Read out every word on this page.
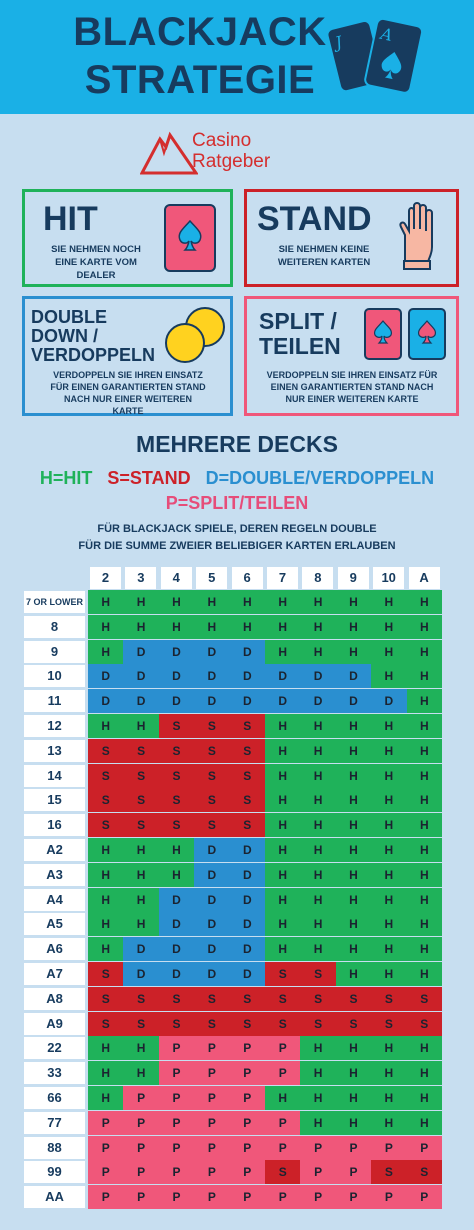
BLACKJACK
STRATEGIE
J A
Casino
Ratgeber
HIT
SIE NEHMEN NOCH
EINE KARTE VOM
DEALER
STAND
SIE NEHMEN KEINE
WEITEREN KARTEN
DOUBLE
DOWN /
VERDOPPELN
VERDOPPELN SIE IHREN EINSATZ
FÜR EINEN GARANTIERTEN STAND
NACH NUR EINER WEITEREN
KARTE
SPLIT /
TEILEN
VERDOPPELN SIE IHREN EINSATZ FÜR
EINEN GARANTIERTEN STAND NACH
NUR EINER WEITEREN KARTE
MEHRERE DECKS
H=HIT S=STAND D=DOUBLE/VERDOPPELN
P=SPLIT/TEILEN
FÜR BLACKJACK SPIELE, DEREN REGELN DOUBLE
FÜR DIE SUMME ZWEIER BELIEBIGER KARTEN ERLAUBEN
2	3	4	5	6	7	8	9	10	A
7 OR LOWER	H	H	H	H	H	H	H	H	H	H
8	H	H	H	H	H	H	H	H	H	H
9	H	D	D	D	D	H	H	H	H	H
10	D	D	D	D	D	D	D	D	H	H
11	D	D	D	D	D	D	D	D	D	H
12	H	H	S	S	S	H	H	H	H	H
13	S	S	S	S	S	H	H	H	H	H
14	S	S	S	S	S	H	H	H	H	H
15	S	S	S	S	S	H	H	H	H	H
16	S	S	S	S	S	H	H	H	H	H
A2	H	H	H	D	D	H	H	H	H	H
A3	H	H	H	D	D	H	H	H	H	H
A4	H	H	D	D	D	H	H	H	H	H
A5	H	H	D	D	D	H	H	H	H	H
A6	H	D	D	D	D	H	H	H	H	H
A7	S	D	D	D	D	S	S	H	H	H
A8	S	S	S	S	S	S	S	S	S	S
A9	S	S	S	S	S	S	S	S	S	S
22	H	H	P	P	P	P	H	H	H	H
33	H	H	P	P	P	P	H	H	H	H
66	H	P	P	P	P	H	H	H	H	H
77	P	P	P	P	P	P	H	H	H	H
88	P	P	P	P	P	P	P	P	P	P
99	P	P	P	P	P	S	P	P	S	S
AA	P	P	P	P	P	P	P	P	P	P
